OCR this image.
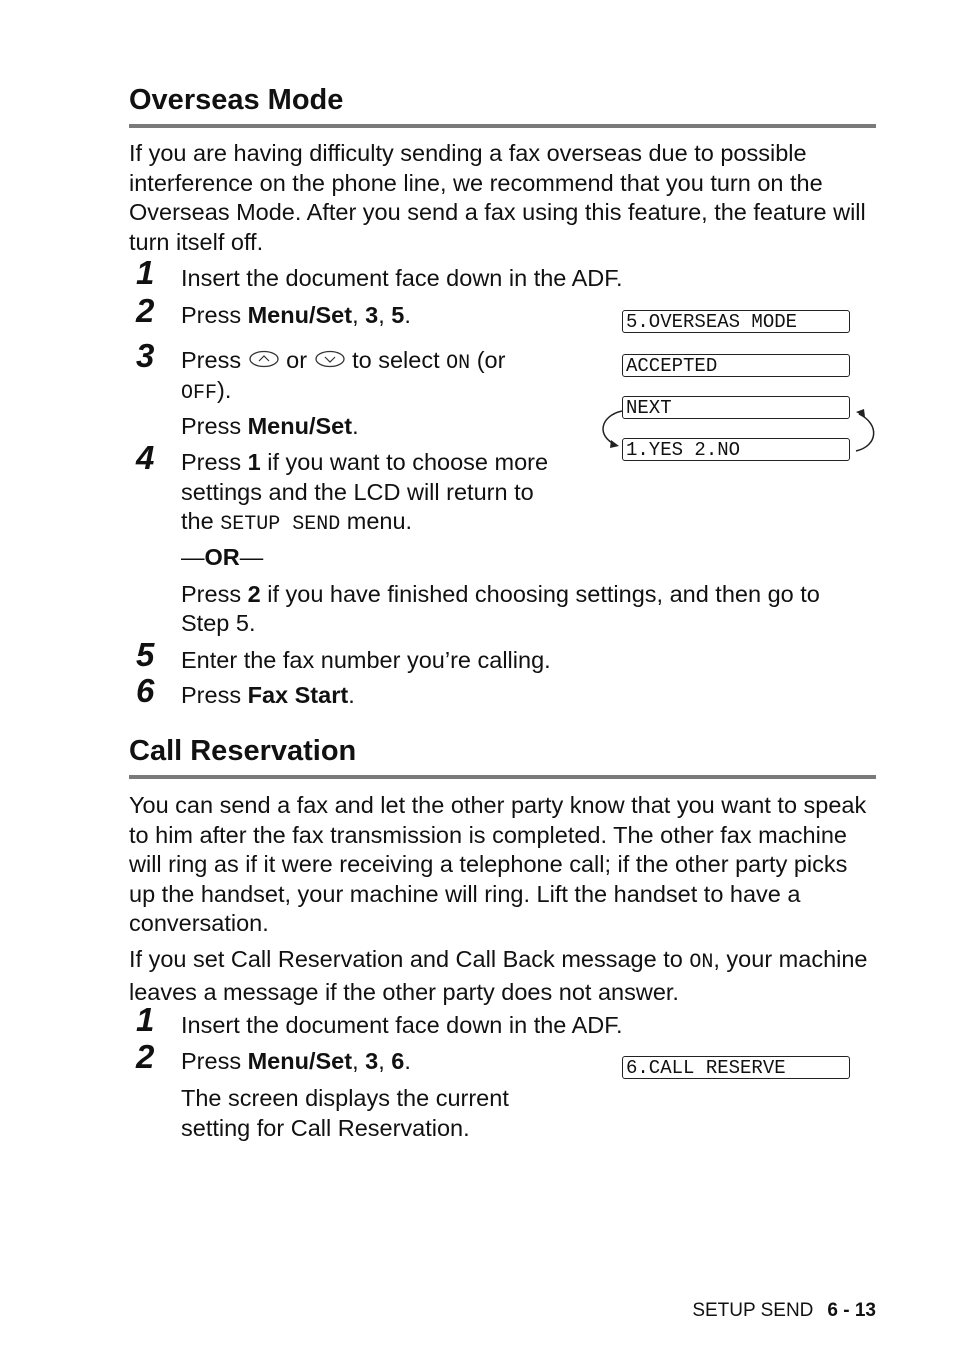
Overseas Mode

If you are having difficulty sending a fax overseas due to possible interference on the phone line, we recommend that you turn on the Overseas Mode. After you send a fax using this feature, the feature will turn itself off.

1	Insert the document face down in the ADF.
2	Press Menu/Set, 3, 5.
3	Press  or  to select ON (or
OFF).
Press Menu/Set.
4	Press 1 if you want to choose more
settings and the LCD will return to
the SETUP SEND menu.
—OR—
Press 2 if you have finished choosing settings, and then go to
Step 5.
5	Enter the fax number you’re calling.
6	Press Fax Start.
5.OVERSEAS MODE
ACCEPTED
NEXT
1.YES 2.NO
Call Reservation

You can send a fax and let the other party know that you want to speak to him after the fax transmission is completed. The other fax machine will ring as if it were receiving a telephone call; if the other party picks up the handset, your machine will ring. Lift the handset to have a conversation.

If you set Call Reservation and Call Back message to ON, your machine leaves a message if the other party does not answer.

1	Insert the document face down in the ADF.
2	Press Menu/Set, 3, 6.
The screen displays the current
setting for Call Reservation.
6.CALL RESERVE
SETUP SEND 6 - 13
